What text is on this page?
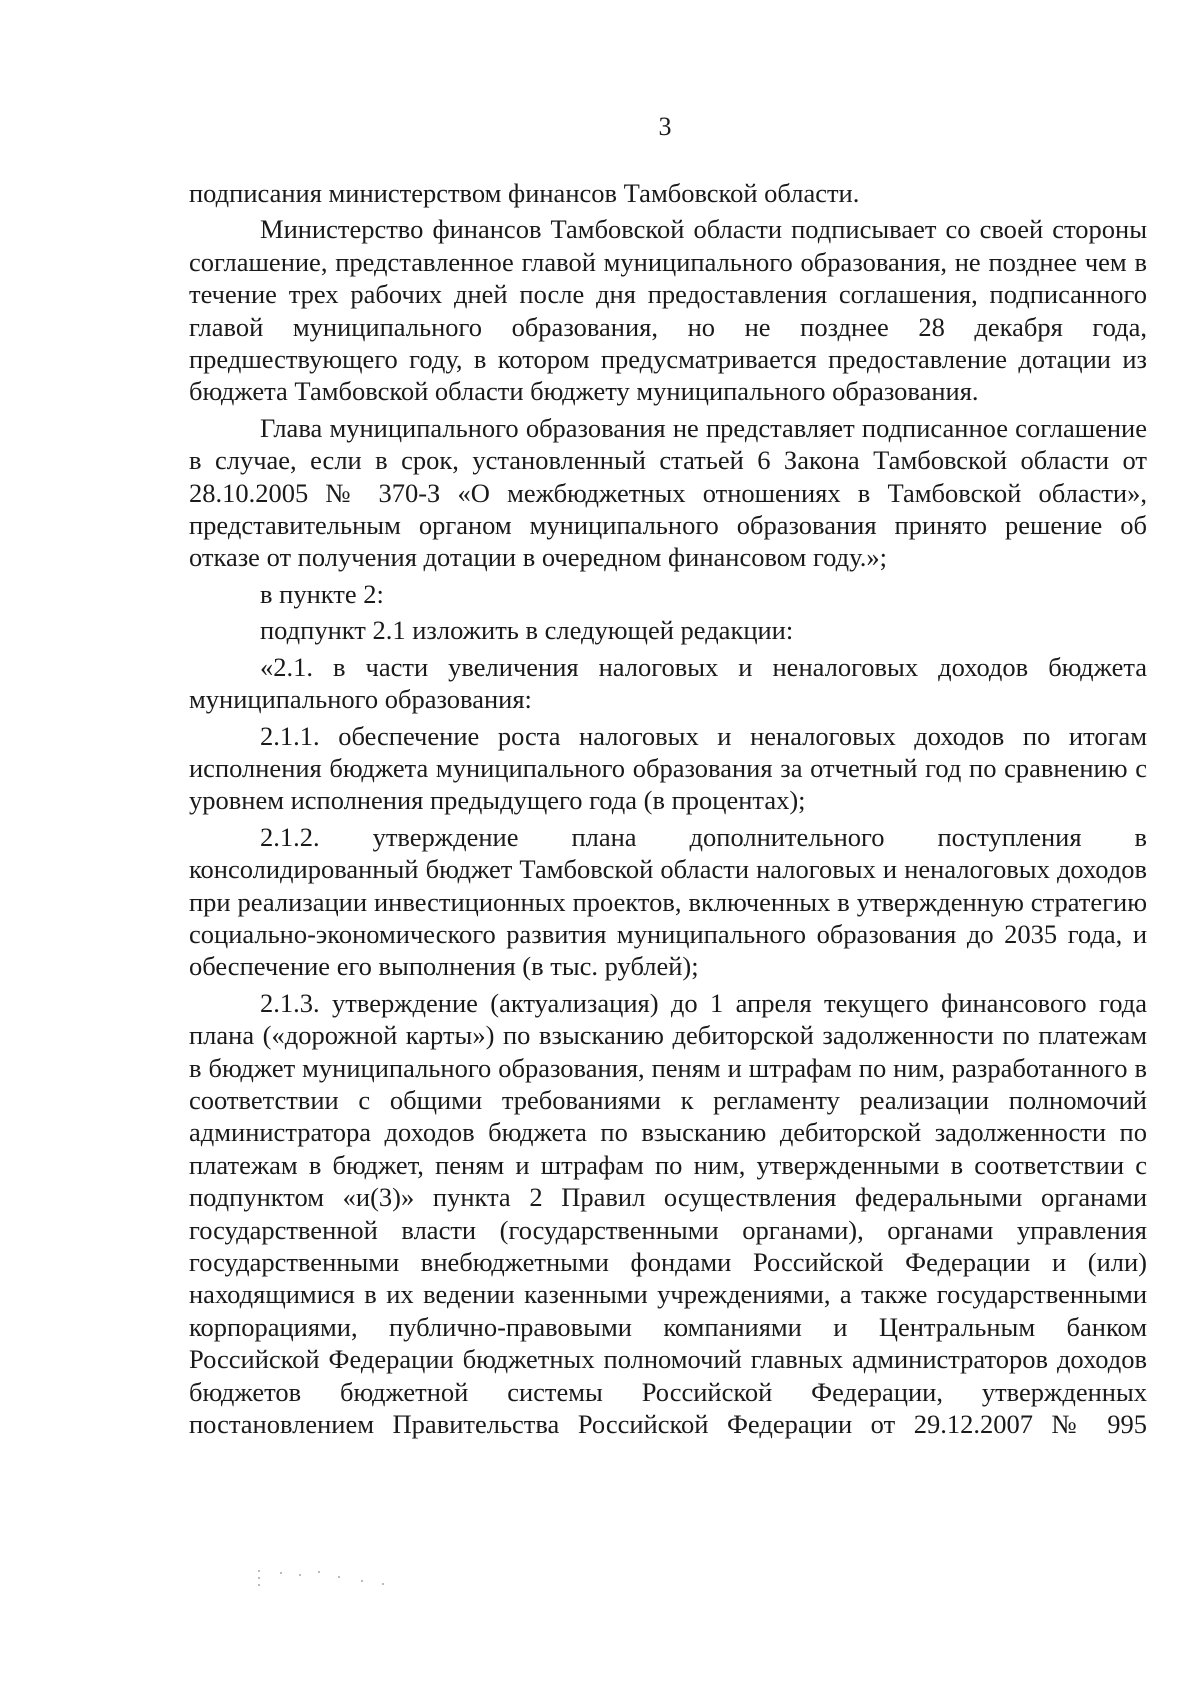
3

подписания министерством финансов Тамбовской области.

Министерство финансов Тамбовской области подписывает со своей стороны соглашение, представленное главой муниципального образования, не позднее чем в течение трех рабочих дней после дня предоставления соглашения, подписанного главой муниципального образования, но не позднее 28 декабря года, предшествующего году, в котором предусматривается предоставление дотации из бюджета Тамбовской области бюджету муниципального образования.

Глава муниципального образования не представляет подписанное соглашение в случае, если в срок, установленный статьей 6 Закона Тамбовской области от 28.10.2005 № 370-З «О межбюджетных отношениях в Тамбовской области», представительным органом муниципального образования принято решение об отказе от получения дотации в очередном финансовом году.»;

в пункте 2:

подпункт 2.1 изложить в следующей редакции:

«2.1. в части увеличения налоговых и неналоговых доходов бюджета муниципального образования:

2.1.1. обеспечение роста налоговых и неналоговых доходов по итогам исполнения бюджета муниципального образования за отчетный год по сравнению с уровнем исполнения предыдущего года (в процентах);

2.1.2. утверждение плана дополнительного поступления в консолидированный бюджет Тамбовской области налоговых и неналоговых доходов при реализации инвестиционных проектов, включенных в утвержденную стратегию социально-экономического развития муниципального образования до 2035 года, и обеспечение его выполнения (в тыс. рублей);

2.1.3. утверждение (актуализация) до 1 апреля текущего финансового года плана («дорожной карты») по взысканию дебиторской задолженности по платежам в бюджет муниципального образования, пеням и штрафам по ним, разработанного в соответствии с общими требованиями к регламенту реализации полномочий администратора доходов бюджета по взысканию дебиторской задолженности по платежам в бюджет, пеням и штрафам по ним, утвержденными в соответствии с подпунктом «и(3)» пункта 2 Правил осуществления федеральными органами государственной власти (государственными органами), органами управления государственными внебюджетными фондами Российской Федерации и (или) находящимися в их ведении казенными учреждениями, а также государственными корпорациями, публично-правовыми компаниями и Центральным банком Российской Федерации бюджетных полномочий главных администраторов доходов бюджетов бюджетной системы Российской Федерации, утвержденных постановлением Правительства Российской Федерации от 29.12.2007 № 995
